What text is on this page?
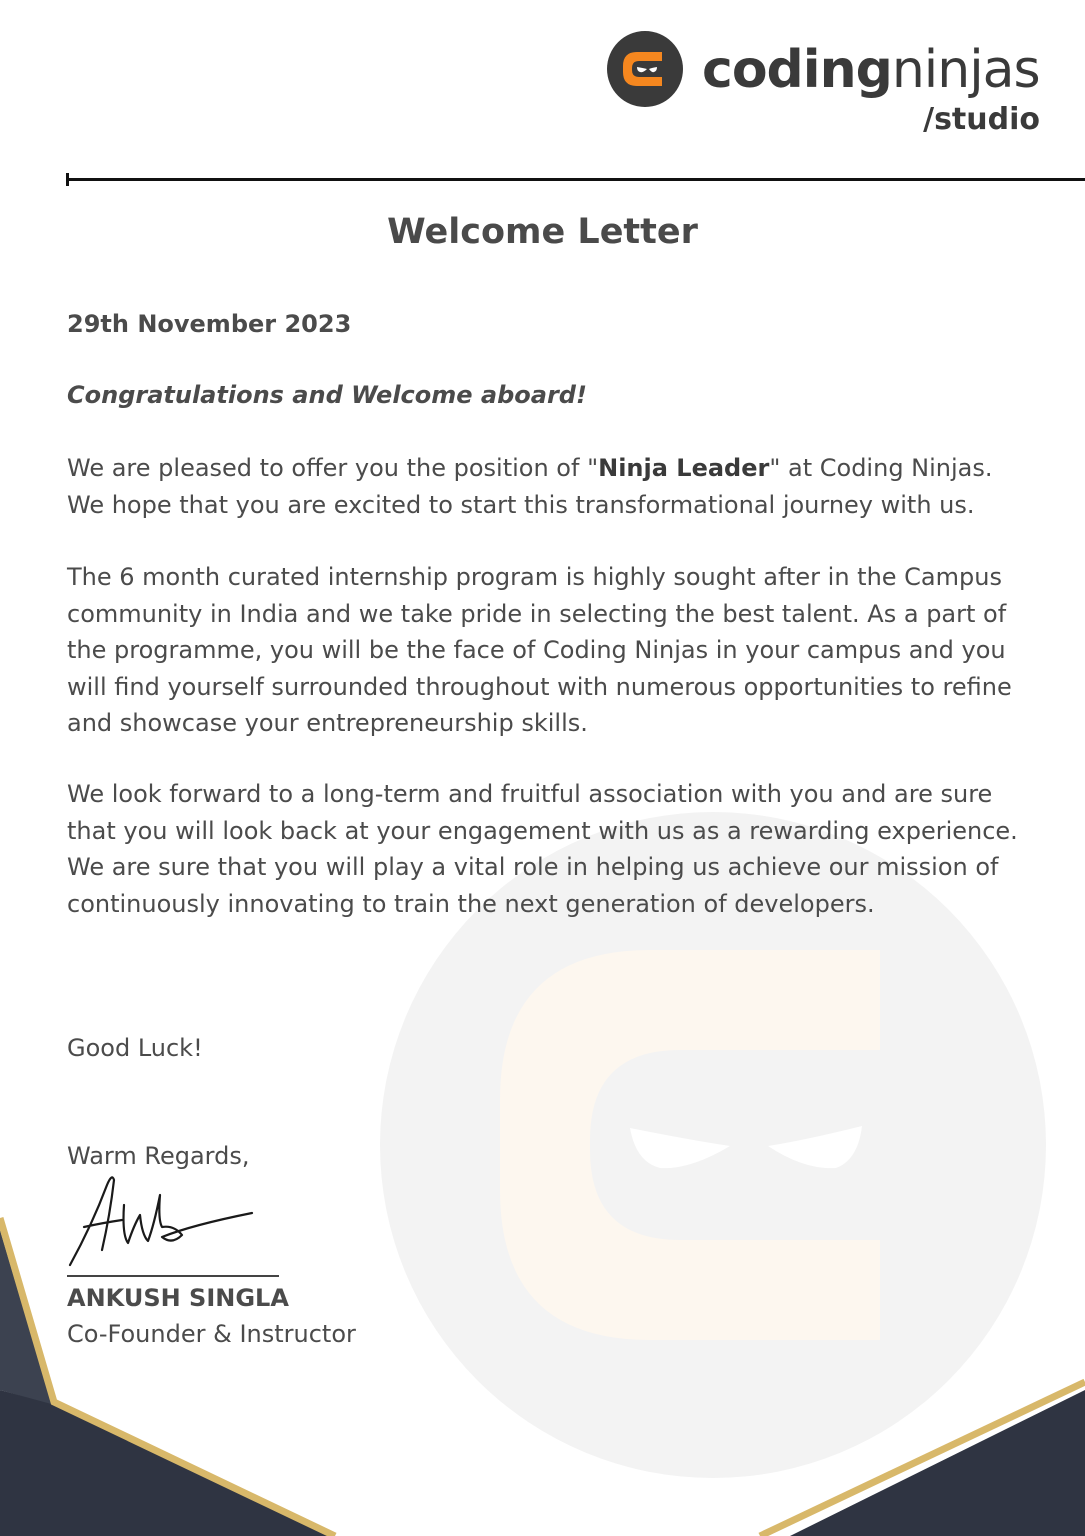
codingninjas
/studio
Welcome Letter

29th November 2023

Congratulations and Welcome aboard!

We are pleased to offer you the position of "Ninja Leader" at Coding Ninjas. We hope that you are excited to start this transformational journey with us.

The 6 month curated internship program is highly sought after in the Campus community in India and we take pride in selecting the best talent. As a part of the programme, you will be the face of Coding Ninjas in your campus and you will find yourself surrounded throughout with numerous opportunities to refine and showcase your entrepreneurship skills.

We look forward to a long-term and fruitful association with you and are sure that you will look back at your engagement with us as a rewarding experience. We are sure that you will play a vital role in helping us achieve our mission of continuously innovating to train the next generation of developers.

Good Luck!

Warm Regards,

ANKUSH SINGLA
Co-Founder & Instructor
